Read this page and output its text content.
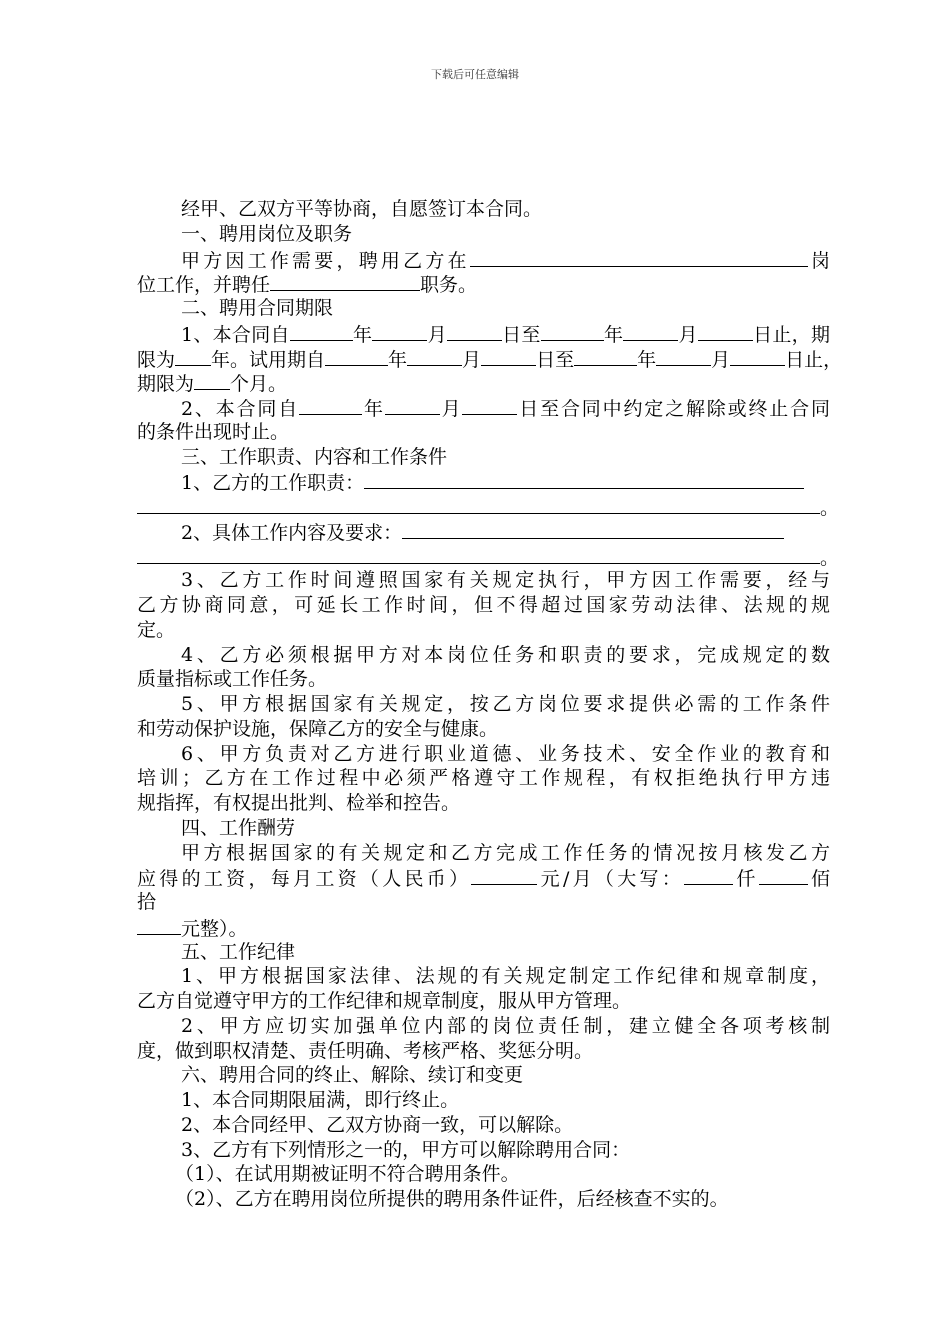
下载后可任意编辑
经甲、乙双方平等协商，自愿签订本合同。
一、聘用岗位及职务
甲方因工作需要，聘用乙方在	岗
位工作，并聘任	职务。
二、聘用合同期限
1、本合同自	年	月	日至	年	月	日止，期
限为 年。试用期自	年	月	日至	年	月	日止，
期限为 个月。
2、本合同自	年	月	日至合同中约定之解除或终止合同
的条件出现时止。
三、工作职责、内容和工作条件
1、乙方的工作职责：
。
2、具体工作内容及要求：
。
3、乙方工作时间遵照国家有关规定执行，甲方因工作需要，经与
乙方协商同意，可延长工作时间，但不得超过国家劳动法律、法规的规
定。
4、乙方必须根据甲方对本岗位任务和职责的要求，完成规定的数
质量指标或工作任务。
5、甲方根据国家有关规定，按乙方岗位要求提供必需的工作条件
和劳动保护设施，保障乙方的安全与健康。
6、甲方负责对乙方进行职业道德、业务技术、安全作业的教育和
培训；乙方在工作过程中必须严格遵守工作规程，有权拒绝执行甲方违
规指挥，有权提出批判、检举和控告。
四、工作酬劳
甲方根据国家的有关规定和乙方完成工作任务的情况按月核发乙方
应得的工资，每月工资（人民币）	元/月（大写：	仟	佰
拾
元整）。
五、工作纪律
1、甲方根据国家法律、法规的有关规定制定工作纪律和规章制度，
乙方自觉遵守甲方的工作纪律和规章制度，服从甲方管理。
2、甲方应切实加强单位内部的岗位责任制，建立健全各项考核制
度，做到职权清楚、责任明确、考核严格、奖惩分明。
六、聘用合同的终止、解除、续订和变更
1、本合同期限届满，即行终止。
2、本合同经甲、乙双方协商一致，可以解除。
3、乙方有下列情形之一的，甲方可以解除聘用合同：
（1）、在试用期被证明不符合聘用条件。
（2）、乙方在聘用岗位所提供的聘用条件证件，后经核查不实的。
